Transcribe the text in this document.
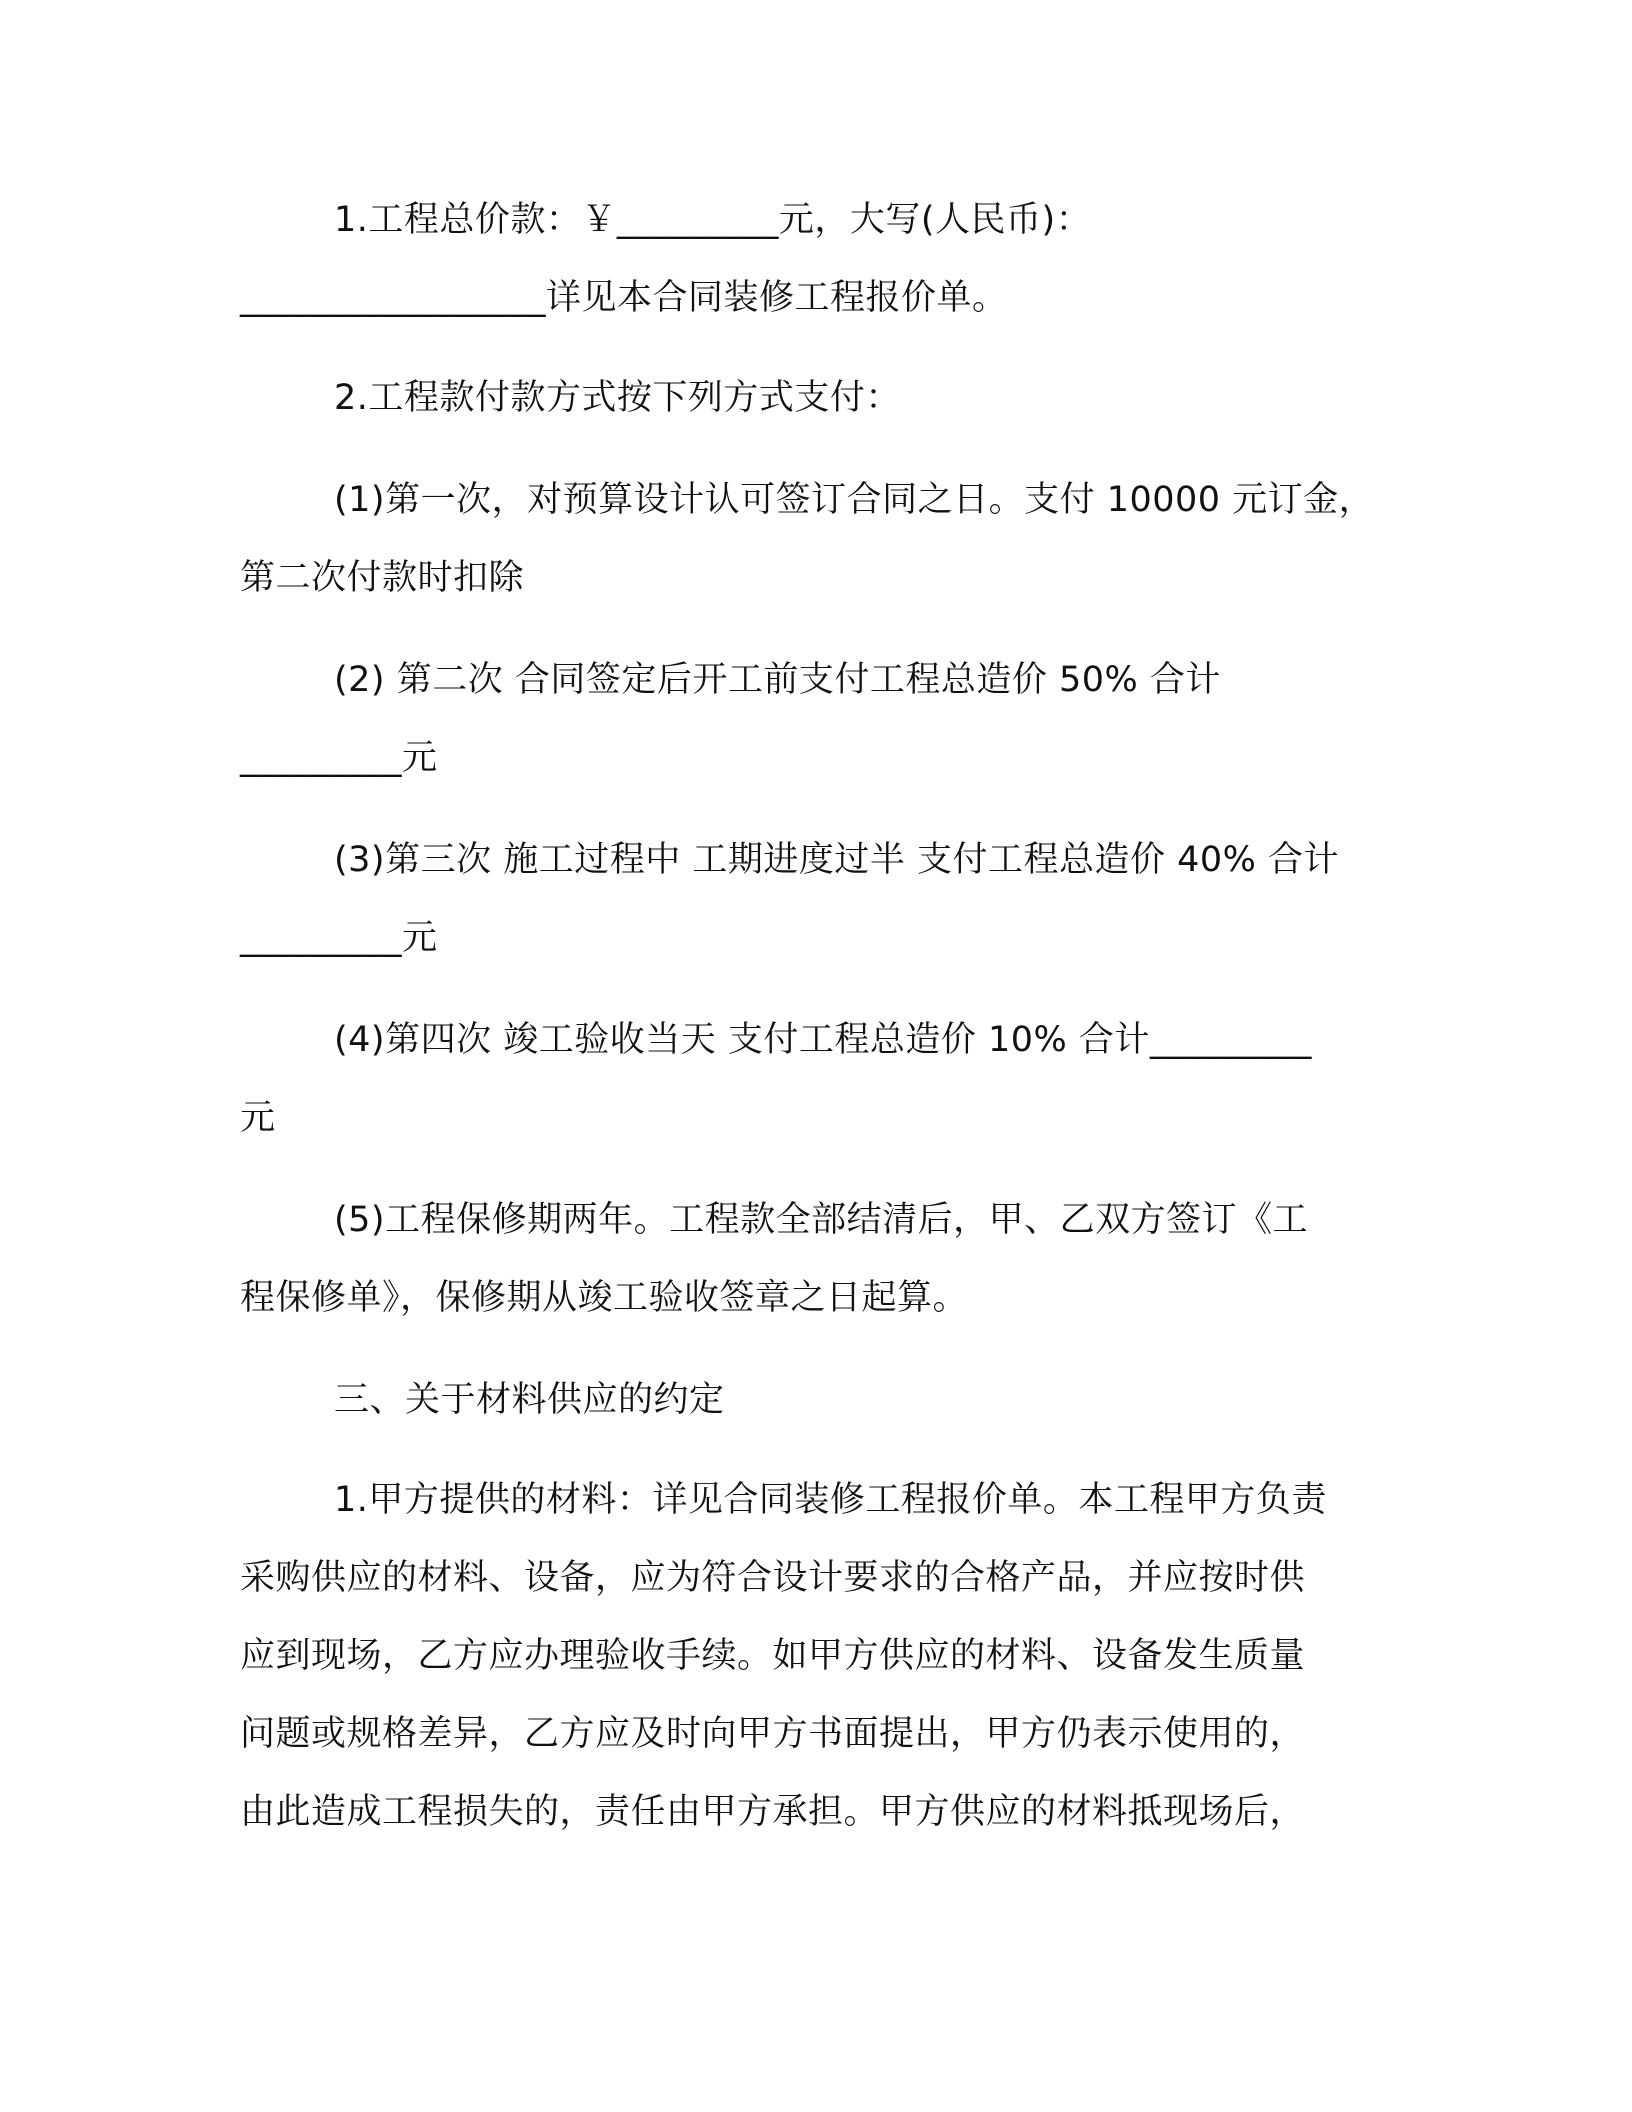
1.工程总价款：￥_________元，大写(人民币)：

_________________详见本合同装修工程报价单。

2.工程款付款方式按下列方式支付：

(1)第一次，对预算设计认可签订合同之日。支付 10000 元订金，

第二次付款时扣除

(2) 第二次 合同签定后开工前支付工程总造价 50% 合计

_________元

(3)第三次 施工过程中 工期进度过半 支付工程总造价 40% 合计

_________元

(4)第四次 竣工验收当天 支付工程总造价 10% 合计_________

元

(5)工程保修期两年。工程款全部结清后，甲、乙双方签订《工

程保修单》，保修期从竣工验收签章之日起算。

三、关于材料供应的约定

1.甲方提供的材料：详见合同装修工程报价单。本工程甲方负责

采购供应的材料、设备，应为符合设计要求的合格产品，并应按时供

应到现场，乙方应办理验收手续。如甲方供应的材料、设备发生质量

问题或规格差异，乙方应及时向甲方书面提出，甲方仍表示使用的，

由此造成工程损失的，责任由甲方承担。甲方供应的材料抵现场后，
